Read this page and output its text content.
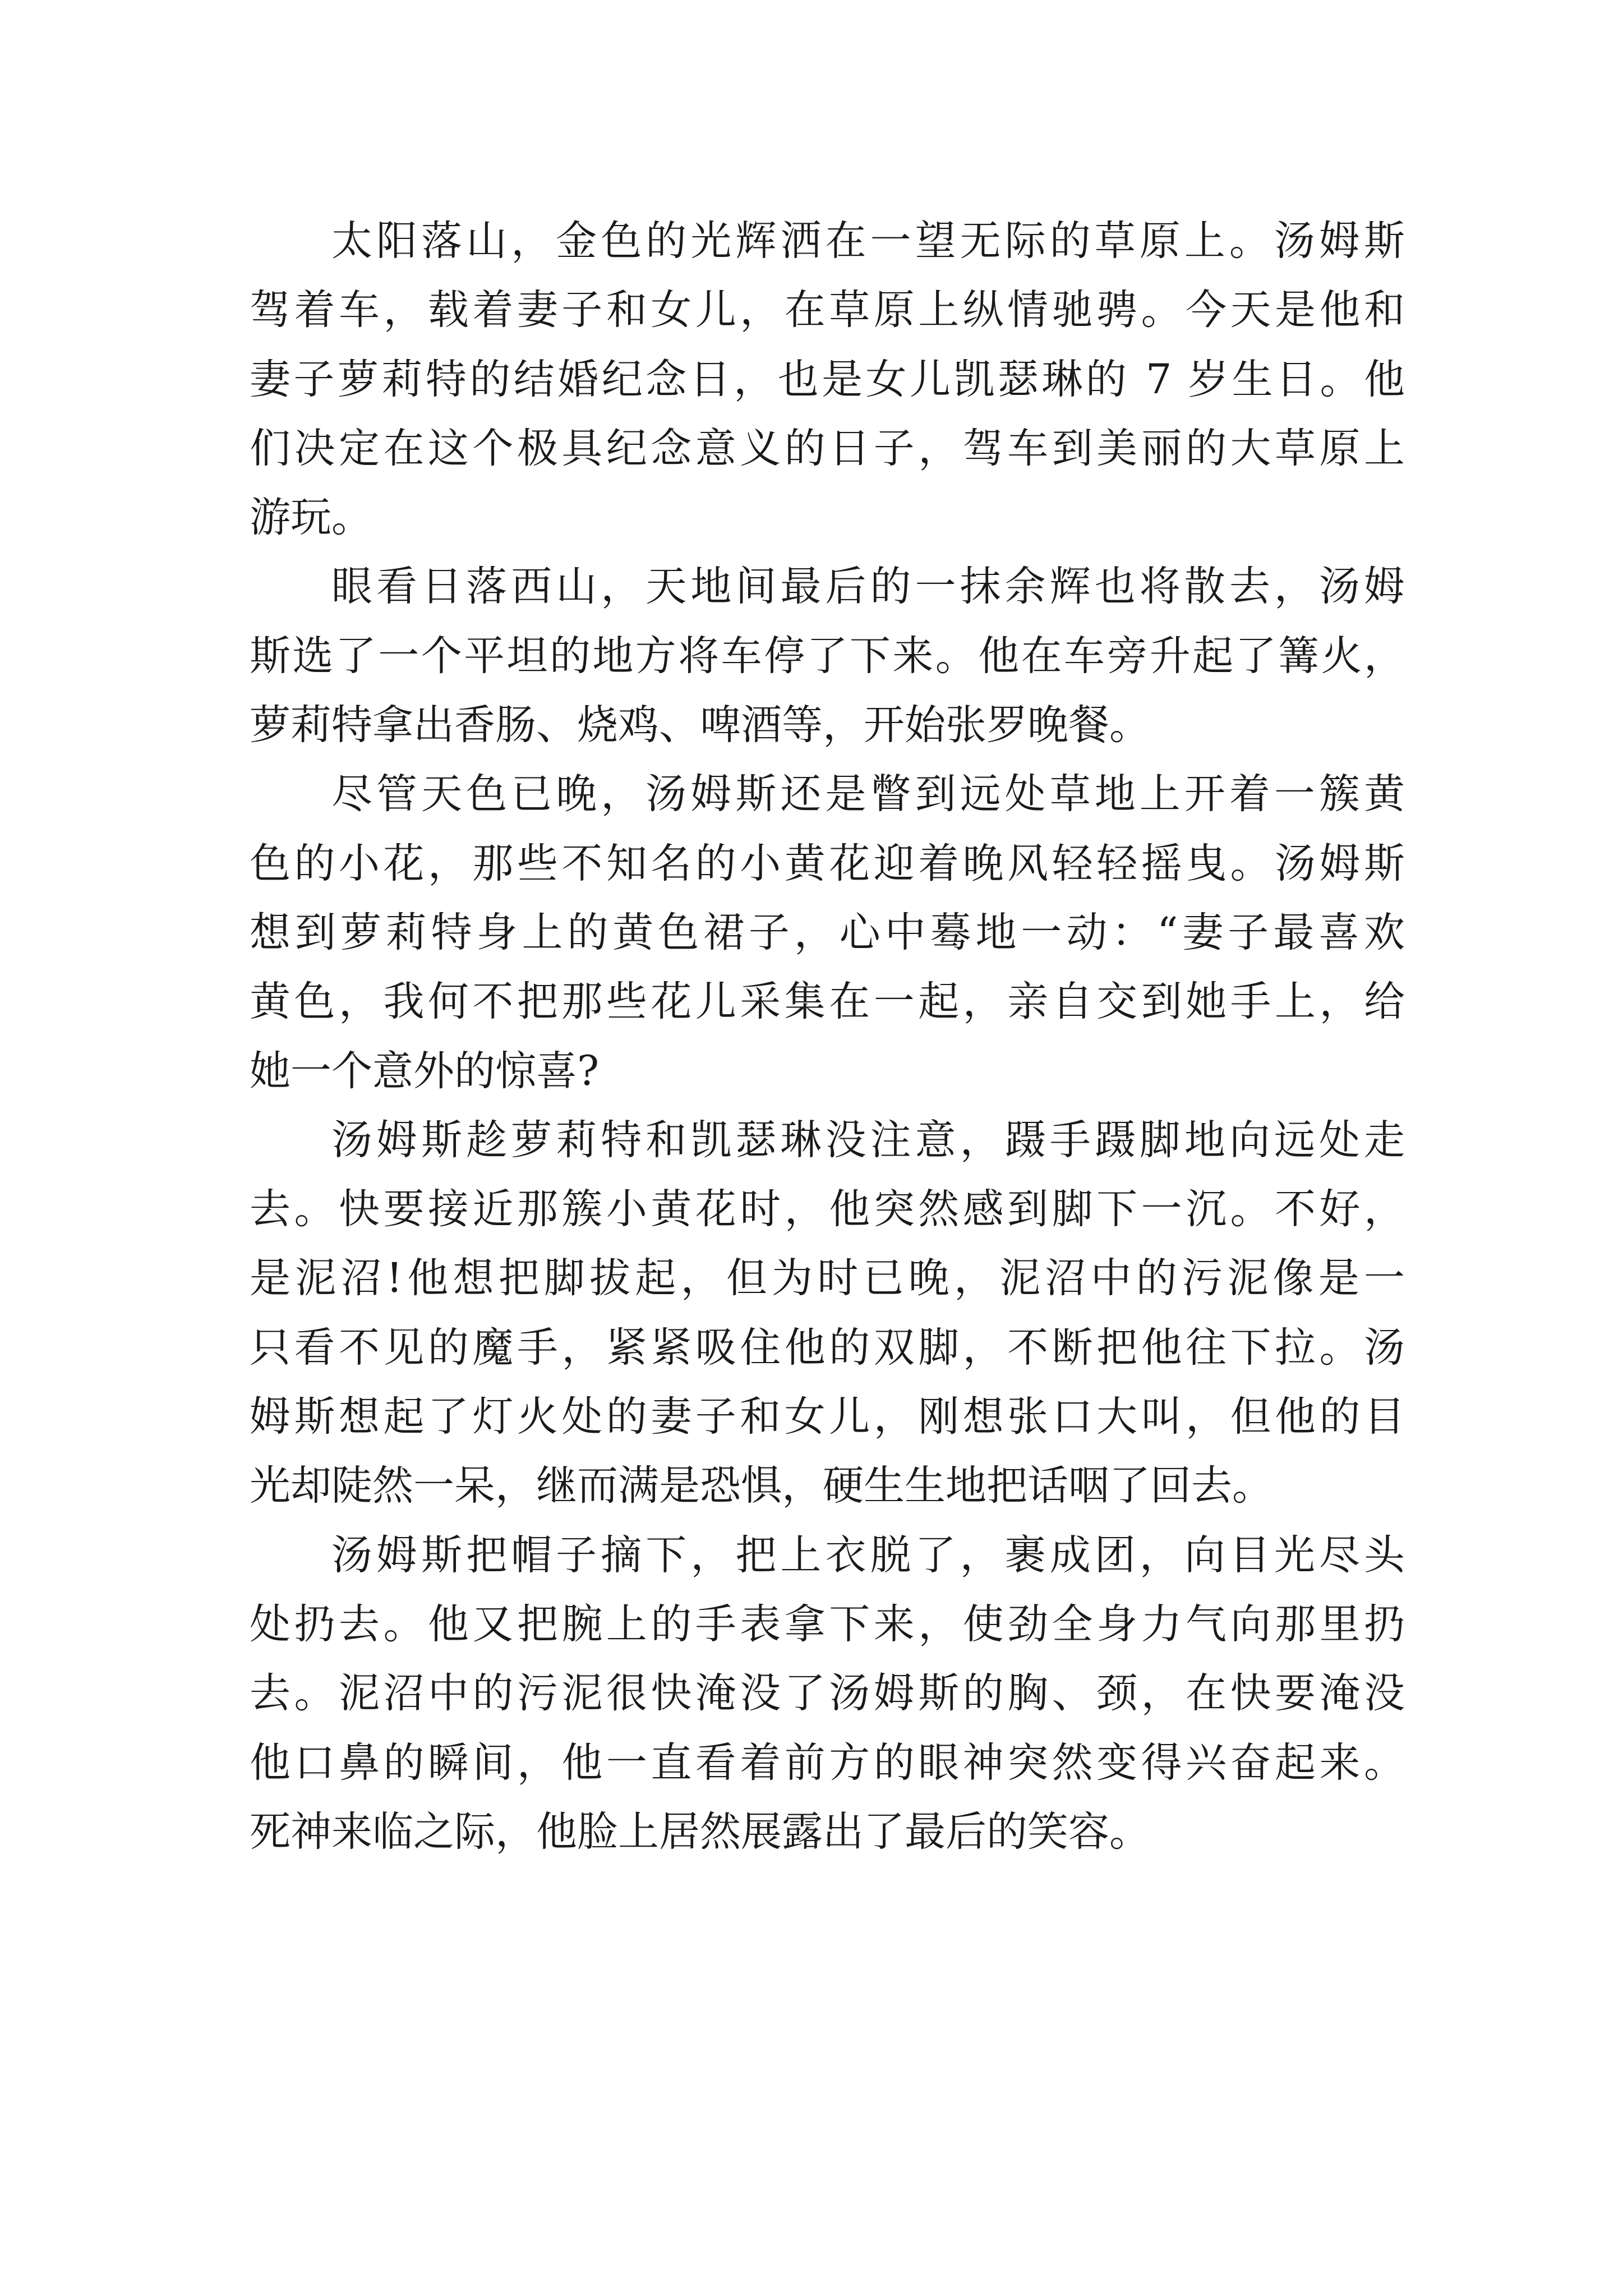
太阳落山，金色的光辉洒在一望无际的草原上。汤姆斯
驾着车，载着妻子和女儿，在草原上纵情驰骋。今天是他和
妻子萝莉特的结婚纪念日，也是女儿凯瑟琳的 7 岁生日。他
们决定在这个极具纪念意义的日子，驾车到美丽的大草原上
游玩。
眼看日落西山，天地间最后的一抹余辉也将散去，汤姆
斯选了一个平坦的地方将车停了下来。他在车旁升起了篝火，
萝莉特拿出香肠、烧鸡、啤酒等，开始张罗晚餐。
尽管天色已晚，汤姆斯还是瞥到远处草地上开着一簇黄
色的小花，那些不知名的小黄花迎着晚风轻轻摇曳。汤姆斯
想到萝莉特身上的黄色裙子，心中蓦地一动：“妻子最喜欢
黄色，我何不把那些花儿采集在一起，亲自交到她手上，给
她一个意外的惊喜?
汤姆斯趁萝莉特和凯瑟琳没注意，蹑手蹑脚地向远处走
去。快要接近那簇小黄花时，他突然感到脚下一沉。不好，
是泥沼!他想把脚拔起，但为时已晚，泥沼中的污泥像是一
只看不见的魔手，紧紧吸住他的双脚，不断把他往下拉。汤
姆斯想起了灯火处的妻子和女儿，刚想张口大叫，但他的目
光却陡然一呆，继而满是恐惧，硬生生地把话咽了回去。
汤姆斯把帽子摘下，把上衣脱了，裹成团，向目光尽头
处扔去。他又把腕上的手表拿下来，使劲全身力气向那里扔
去。泥沼中的污泥很快淹没了汤姆斯的胸、颈，在快要淹没
他口鼻的瞬间，他一直看着前方的眼神突然变得兴奋起来。
死神来临之际，他脸上居然展露出了最后的笑容。
